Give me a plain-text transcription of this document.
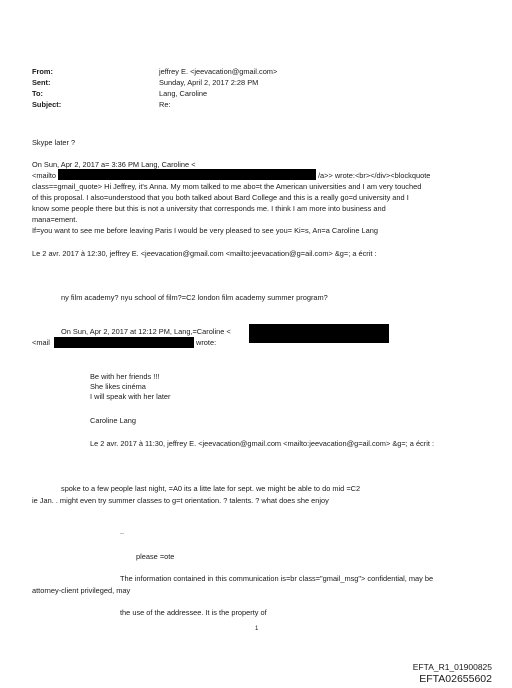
From:	jeffrey E. <jeevacation@gmail.com>
Sent:	Sunday, April 2, 2017 2:28 PM
To:	Lang, Caroline
Subject:	Re:
Skype later ?
On Sun, Apr 2, 2017 a= 3:36 PM Lang, Caroline <
<mailto	/a>> wrote:<br></div><blockquote
class==gmail_quote> Hi Jeffrey, it's Anna. My mom talked to me abo=t the American universities and I am very touched
of this proposal. I also=understood that you both talked about Bard College and this is a really go=d university and I
know some people there but this is not a university that corresponds me. I think I am more into business and
mana=ement.
If=you want to see me before leaving Paris I would be very pleased to see you= Ki=s, An=a Caroline Lang
Le 2 avr. 2017 à 12:30, jeffrey E. <jeevacation@gmail.com <mailto:jeevacation@g=ail.com> &g=; a écrit :
ny film academy? nyu school of film?=C2 london film academy summer program?
On Sun, Apr 2, 2017 at 12:12 PM, Lang,=Caroline <
<mail	wrote:
Be with her friends !!!
She likes cinéma
I will speak with her later
Caroline Lang
Le 2 avr. 2017 à 11:30, jeffrey E. <jeevacation@gmail.com <mailto:jeevacation@g=ail.com> &g=; a écrit :
spoke to a few people last night, =A0 its a litte late for sept. we might be able to do mid =C2
ie Jan. . might even try summer classes to g=t orientation. ? talents. ? what does she enjoy
..
please =ote
The information contained in this communication is=br class="gmail_msg"> confidential, may be
attorney-client privileged, may
the use of the addressee. It is the property of
1
EFTA_R1_01900825
EFTA02655602
